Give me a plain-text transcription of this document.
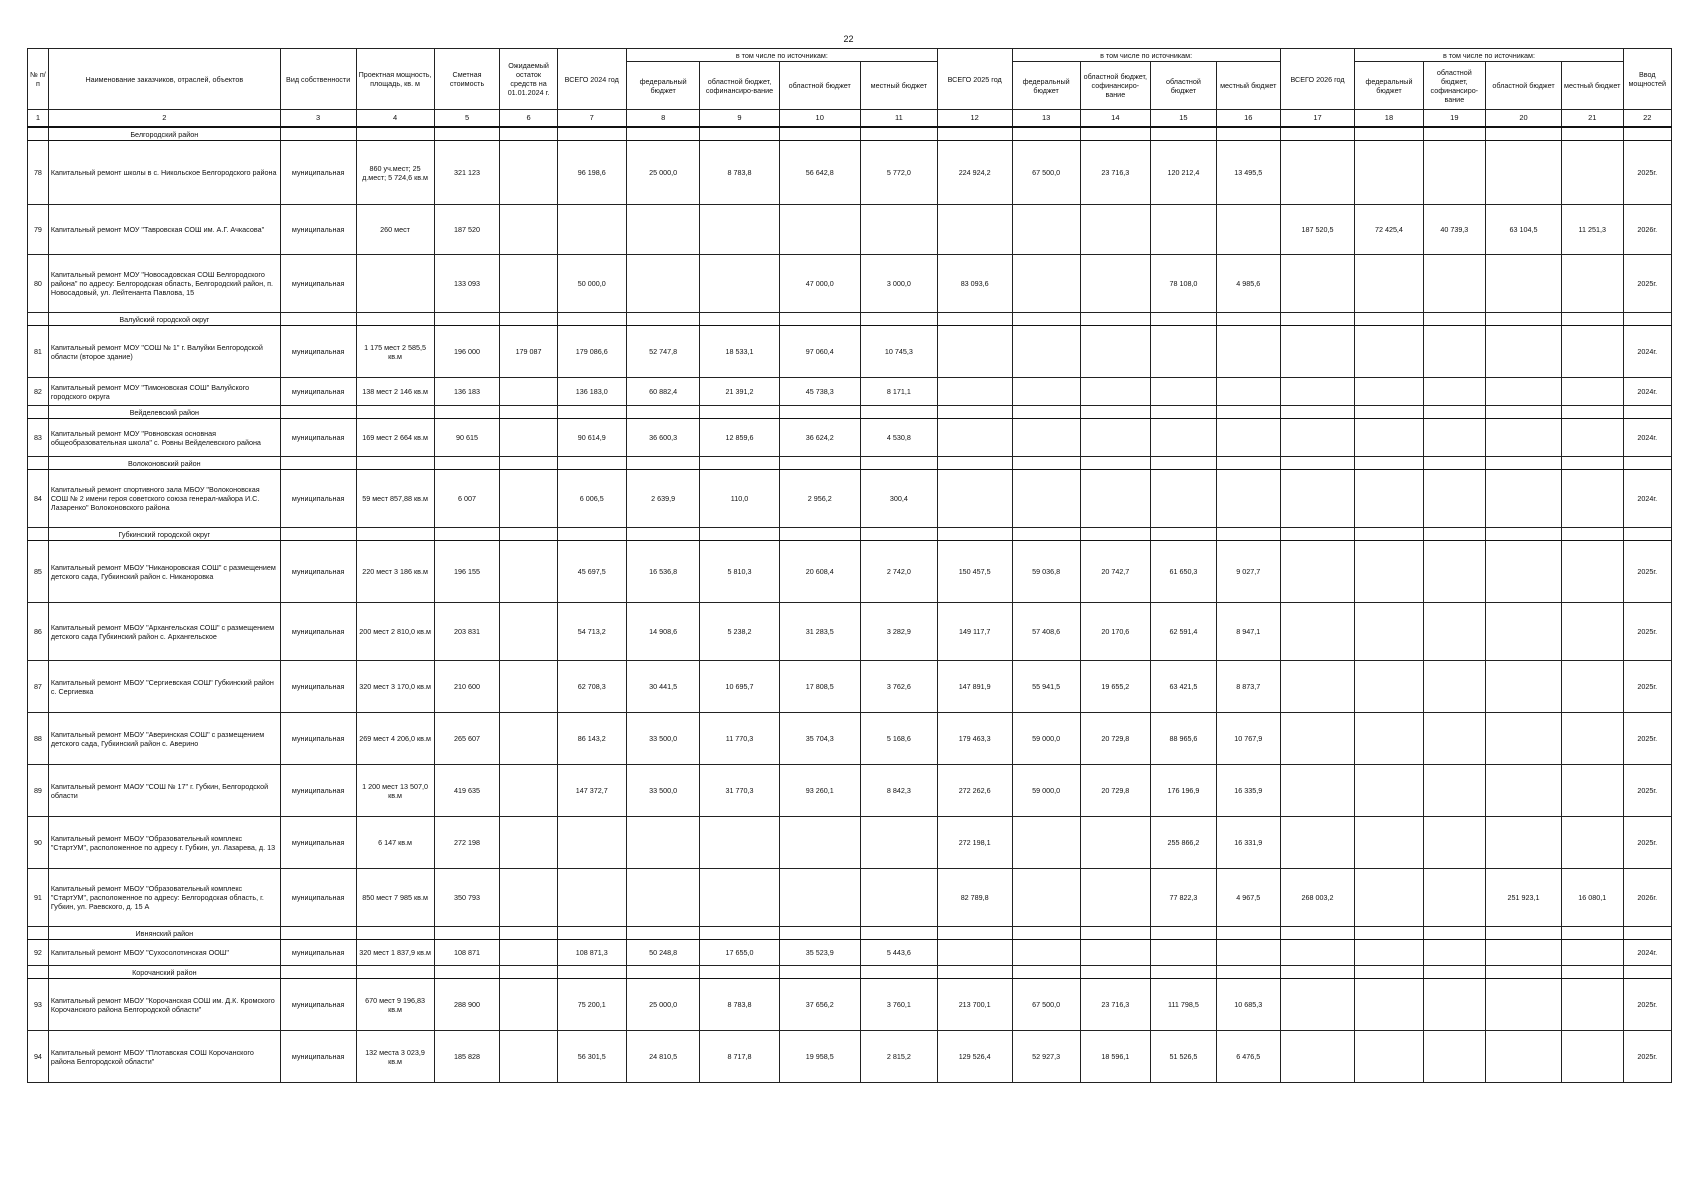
22
№ п/п	Наименование заказчиков, отраслей, объектов	Вид собственности	Проектная мощность, площадь, кв. м	Сметная стоимость	Ожидаемый остаток средств на 01.01.2024 г.	ВСЕГО 2024 год	в том числе по источникам:				ВСЕГО 2025 год	в том числе по источникам:				ВСЕГО 2026 год	в том числе по источникам:				Ввод мощностей
							федеральный бюджет	областной бюджет, софинансиро-вание	областной бюджет	местный бюджет		федеральный бюджет	областной бюджет, софинансиро-вание	областной бюджет	местный бюджет		федеральный бюджет	областной бюджет, софинансиро-вание	областной бюджет	местный бюджет	
1	2	3	4	5	6	7	8	9	10	11	12	13	14	15	16	17	18	19	20	21	22
	Белгородский район																				
78	Капитальный ремонт школы в с. Никольское Белгородского района	муниципальная	860 уч.мест; 25 д.мест; 5 724,6 кв.м	321 123		96 198,6	25 000,0	8 783,8	56 642,8	5 772,0	224 924,2	67 500,0	23 716,3	120 212,4	13 495,5						2025г.
79	Капитальный ремонт МОУ "Тавровская СОШ им. А.Г. Ачкасова"	муниципальная	260 мест	187 520												187 520,5	72 425,4	40 739,3	63 104,5	11 251,3	2026г.
80	Капитальный ремонт МОУ "Новосадовская СОШ Белгородского района" по адресу: Белгородская область, Белгородский район, п. Новосадовый, ул. Лейтенанта Павлова, 15	муниципальная		133 093		50 000,0			47 000,0	3 000,0	83 093,6			78 108,0	4 985,6						2025г.
	Валуйский городской округ																				
81	Капитальный ремонт МОУ "СОШ № 1" г. Валуйки Белгородской области (второе здание)	муниципальная	1 175 мест 2 585,5 кв.м	196 000	179 087	179 086,6	52 747,8	18 533,1	97 060,4	10 745,3											2024г.
82	Капитальный ремонт МОУ "Тимоновская СОШ" Валуйского городского округа	муниципальная	138 мест 2 146 кв.м	136 183		136 183,0	60 882,4	21 391,2	45 738,3	8 171,1											2024г.
	Вейделевский район																				
83	Капитальный ремонт МОУ "Ровновская основная общеобразовательная школа" с. Ровны Вейделевского района	муниципальная	169 мест 2 664 кв.м	90 615		90 614,9	36 600,3	12 859,6	36 624,2	4 530,8											2024г.
	Волоконовский район																				
84	Капитальный ремонт спортивного зала МБОУ "Волоконовская СОШ № 2 имени героя советского союза генерал-майора И.С. Лазаренко" Волоконовского района	муниципальная	59 мест 857,88 кв.м	6 007		6 006,5	2 639,9	110,0	2 956,2	300,4											2024г.
	Губкинский городской округ																				
85	Капитальный ремонт МБОУ "Никаноровская СОШ" с размещением детского сада, Губкинский район с. Никаноровка	муниципальная	220 мест 3 186 кв.м	196 155		45 697,5	16 536,8	5 810,3	20 608,4	2 742,0	150 457,5	59 036,8	20 742,7	61 650,3	9 027,7						2025г.
86	Капитальный ремонт МБОУ "Архангельская СОШ" с размещением детского сада Губкинский район с. Архангельское	муниципальная	200 мест 2 810,0 кв.м	203 831		54 713,2	14 908,6	5 238,2	31 283,5	3 282,9	149 117,7	57 408,6	20 170,6	62 591,4	8 947,1						2025г.
87	Капитальный ремонт МБОУ "Сергиевская СОШ" Губкинский район с. Сергиевка	муниципальная	320 мест 3 170,0 кв.м	210 600		62 708,3	30 441,5	10 695,7	17 808,5	3 762,6	147 891,9	55 941,5	19 655,2	63 421,5	8 873,7						2025г.
88	Капитальный ремонт МБОУ "Аверинская СОШ" с размещением детского сада, Губкинский район с. Аверино	муниципальная	269 мест 4 206,0 кв.м	265 607		86 143,2	33 500,0	11 770,3	35 704,3	5 168,6	179 463,3	59 000,0	20 729,8	88 965,6	10 767,9						2025г.
89	Капитальный ремонт МАОУ "СОШ № 17" г. Губкин, Белгородской области	муниципальная	1 200 мест 13 507,0 кв.м	419 635		147 372,7	33 500,0	31 770,3	93 260,1	8 842,3	272 262,6	59 000,0	20 729,8	176 196,9	16 335,9						2025г.
90	Капитальный ремонт МБОУ "Образовательный комплекс "СтартУМ", расположенное по адресу г. Губкин, ул. Лазарева, д. 13	муниципальная	6 147 кв.м	272 198							272 198,1			255 866,2	16 331,9						2025г.
91	Капитальный ремонт МБОУ "Образовательный комплекс "СтартУМ", расположенное по адресу: Белгородская область, г. Губкин, ул. Раевского, д. 15 А	муниципальная	850 мест 7 985 кв.м	350 793							82 789,8			77 822,3	4 967,5	268 003,2			251 923,1	16 080,1	2026г.
	Ивнянский район																				
92	Капитальный ремонт МБОУ "Сухосолотинская ООШ"	муниципальная	320 мест 1 837,9 кв.м	108 871		108 871,3	50 248,8	17 655,0	35 523,9	5 443,6											2024г.
	Корочанский район																				
93	Капитальный ремонт МБОУ "Корочанская СОШ им. Д.К. Кромского Корочанского района Белгородской области"	муниципальная	670 мест 9 196,83 кв.м	288 900		75 200,1	25 000,0	8 783,8	37 656,2	3 760,1	213 700,1	67 500,0	23 716,3	111 798,5	10 685,3						2025г.
94	Капитальный ремонт МБОУ "Плотавская СОШ Корочанского района Белгородской области"	муниципальная	132 места 3 023,9 кв.м	185 828		56 301,5	24 810,5	8 717,8	19 958,5	2 815,2	129 526,4	52 927,3	18 596,1	51 526,5	6 476,5						2025г.
